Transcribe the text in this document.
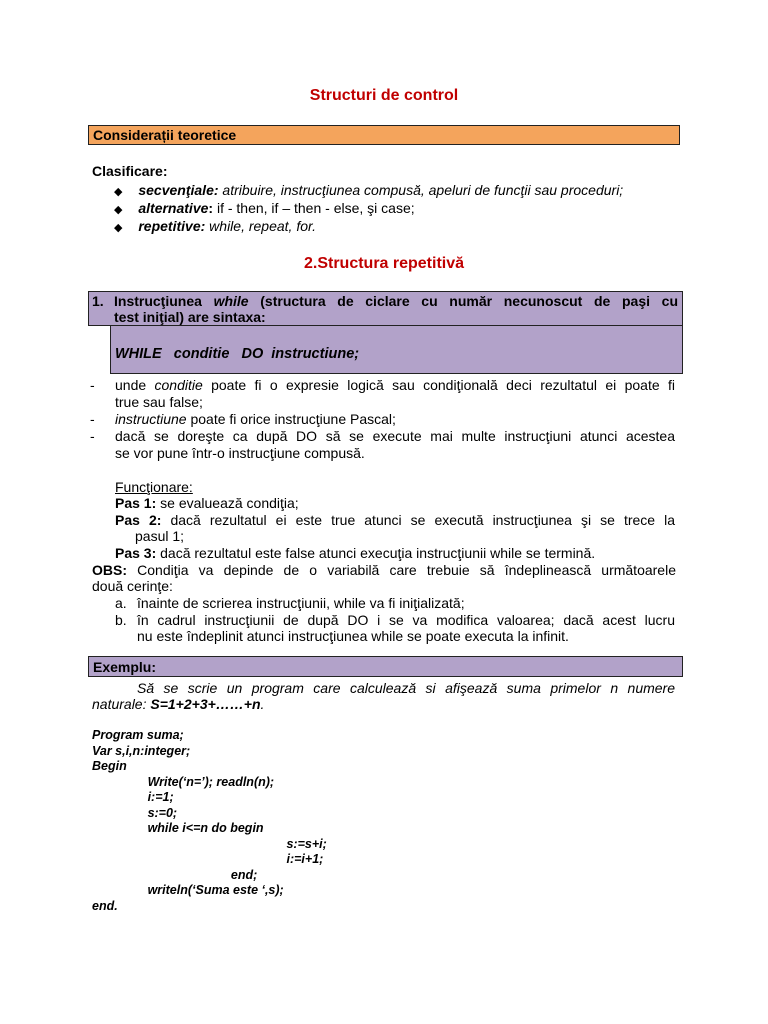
Structuri de control
Considerații teoretice
Clasificare:
◆ secvenţiale: atribuire, instrucţiunea compusă, apeluri de funcţii sau proceduri;
◆ alternative: if - then, if – then - else, şi case;
◆ repetitive: while, repeat, for.
2.Structura repetitivă
1. Instrucţiunea while (structura de ciclare cu număr necunoscut de paşi cu
test iniţial) are sintaxa:
WHILE   conditie   DO  instructiune;
- unde conditie poate fi o expresie logică sau condiţională deci rezultatul ei poate fi
true sau false;
- instructiune poate fi orice instrucţiune Pascal;
- dacă se doreşte ca după DO să se execute mai multe instrucţiuni atunci acestea
se vor pune într-o instrucţiune compusă.
Funcţionare:
Pas 1: se evaluează condiţia;
Pas 2: dacă rezultatul ei este true atunci se execută instrucţiunea şi se trece la
pasul 1;
Pas 3: dacă rezultatul este false atunci execuţia instrucţiunii while se termină.
OBS: Condiţia va depinde de o variabilă care trebuie să îndeplinească următoarele
două cerinţe:
a. înainte de scrierea instrucţiunii, while va fi iniţializată;
b. în cadrul instrucţiunii de după DO i se va modifica valoarea; dacă acest lucru
nu este îndeplinit atunci instrucţiunea while se poate executa la infinit.
Exemplu:
Să se scrie un program care calculează si afişează suma primelor n numere
naturale: S=1+2+3+……+n.
Program suma;
Var s,i,n:integer;
Begin
Write(‘n=’); readln(n);
i:=1;
s:=0;
while i<=n do begin
s:=s+i;
i:=i+1;
end;
writeln(‘Suma este ‘,s);
end.
